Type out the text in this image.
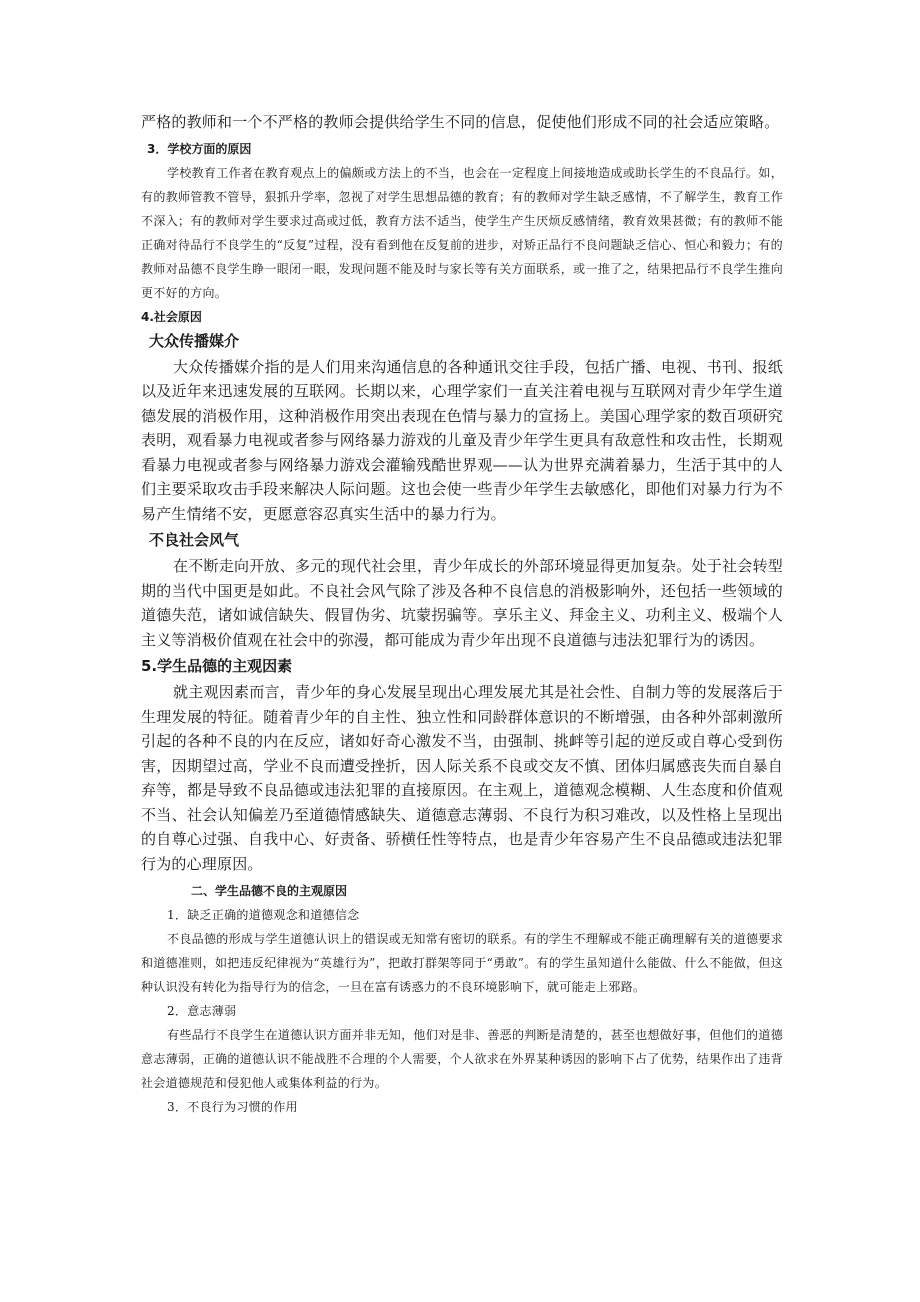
严格的教师和一个不严格的教师会提供给学生不同的信息，促使他们形成不同的社会适应策略。

3．学校方面的原因

学校教育工作者在教育观点上的偏颇或方法上的不当，也会在一定程度上间接地造成或助长学生的不良品行。如，有的教师管教不管导，狠抓升学率，忽视了对学生思想品德的教育；有的教师对学生缺乏感情，不了解学生，教育工作不深入；有的教师对学生要求过高或过低，教育方法不适当，使学生产生厌烦反感情绪，教育效果甚微；有的教师不能正确对待品行不良学生的“反复”过程，没有看到他在反复前的进步，对矫正品行不良问题缺乏信心、恒心和毅力；有的教师对品德不良学生睁一眼闭一眼，发现问题不能及时与家长等有关方面联系，或一推了之，结果把品行不良学生推向更不好的方向。

4.社会原因

大众传播媒介

大众传播媒介指的是人们用来沟通信息的各种通讯交往手段，包括广播、电视、书刊、报纸以及近年来迅速发展的互联网。长期以来，心理学家们一直关注着电视与互联网对青少年学生道德发展的消极作用，这种消极作用突出表现在色情与暴力的宣扬上。美国心理学家的数百项研究表明，观看暴力电视或者参与网络暴力游戏的儿童及青少年学生更具有敌意性和攻击性，长期观看暴力电视或者参与网络暴力游戏会灌输残酷世界观——认为世界充满着暴力，生活于其中的人们主要采取攻击手段来解决人际问题。这也会使一些青少年学生去敏感化，即他们对暴力行为不易产生情绪不安，更愿意容忍真实生活中的暴力行为。

不良社会风气

在不断走向开放、多元的现代社会里，青少年成长的外部环境显得更加复杂。处于社会转型期的当代中国更是如此。不良社会风气除了涉及各种不良信息的消极影响外，还包括一些领域的道德失范，诸如诚信缺失、假冒伪劣、坑蒙拐骗等。享乐主义、拜金主义、功利主义、极端个人主义等消极价值观在社会中的弥漫，都可能成为青少年出现不良道德与违法犯罪行为的诱因。

5.学生品德的主观因素

就主观因素而言，青少年的身心发展呈现出心理发展尤其是社会性、自制力等的发展落后于生理发展的特征。随着青少年的自主性、独立性和同龄群体意识的不断增强，由各种外部刺激所引起的各种不良的内在反应，诸如好奇心激发不当，由强制、挑衅等引起的逆反或自尊心受到伤害，因期望过高，学业不良而遭受挫折，因人际关系不良或交友不慎、团体归属感丧失而自暴自弃等，都是导致不良品德或违法犯罪的直接原因。在主观上，道德观念模糊、人生态度和价值观不当、社会认知偏差乃至道德情感缺失、道德意志薄弱、不良行为积习难改，以及性格上呈现出的自尊心过强、自我中心、好责备、骄横任性等特点，也是青少年容易产生不良品德或违法犯罪行为的心理原因。

二、学生品德不良的主观原因

1．缺乏正确的道德观念和道德信念

不良品德的形成与学生道德认识上的错误或无知常有密切的联系。有的学生不理解或不能正确理解有关的道德要求和道德准则，如把违反纪律视为“英雄行为”，把敢打群架等同于“勇敢”。有的学生虽知道什么能做、什么不能做，但这种认识没有转化为指导行为的信念，一旦在富有诱惑力的不良环境影响下，就可能走上邪路。

2．意志薄弱

有些品行不良学生在道德认识方面并非无知，他们对是非、善恶的判断是清楚的，甚至也想做好事，但他们的道德意志薄弱，正确的道德认识不能战胜不合理的个人需要，个人欲求在外界某种诱因的影响下占了优势，结果作出了违背社会道德规范和侵犯他人或集体利益的行为。

3．不良行为习惯的作用
